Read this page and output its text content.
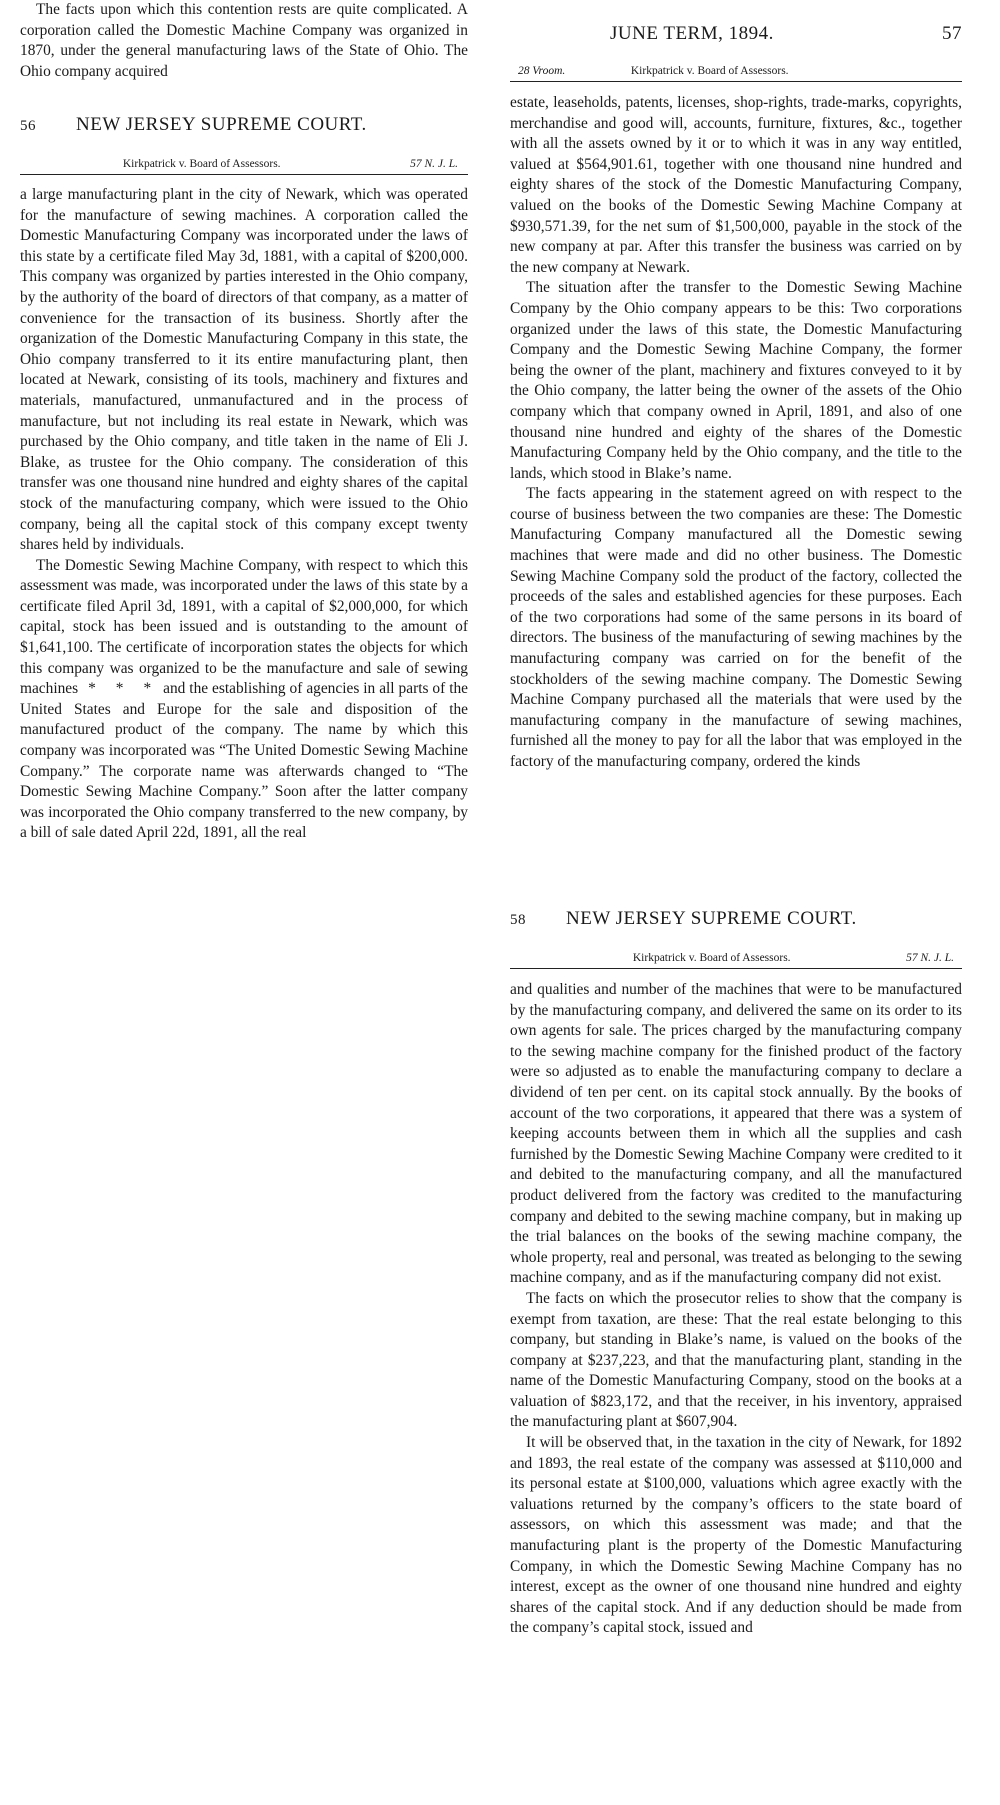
The facts upon which this contention rests are quite complicated. A corporation called the Domestic Machine Company was organized in 1870, under the general manufacturing laws of the State of Ohio. The Ohio company acquired

56 NEW JERSEY SUPREME COURT.
Kirkpatrick v. Board of Assessors.	57 N. J. L.

a large manufacturing plant in the city of Newark, which was operated for the manufacture of sewing machines. A corporation called the Domestic Manufacturing Company was incorporated under the laws of this state by a certificate filed May 3d, 1881, with a capital of $200,000. This company was organized by parties interested in the Ohio company, by the authority of the board of directors of that company, as a matter of convenience for the transaction of its business. Shortly after the organization of the Domestic Manufacturing Company in this state, the Ohio company transferred to it its entire manufacturing plant, then located at Newark, consisting of its tools, machinery and fixtures and materials, manufactured, unmanufactured and in the process of manufacture, but not including its real estate in Newark, which was purchased by the Ohio company, and title taken in the name of Eli J. Blake, as trustee for the Ohio company. The consideration of this transfer was one thousand nine hundred and eighty shares of the capital stock of the manufacturing company, which were issued to the Ohio company, being all the capital stock of this company except twenty shares held by individuals.

The Domestic Sewing Machine Company, with respect to which this assessment was made, was incorporated under the laws of this state by a certificate filed April 3d, 1891, with a capital of $2,000,000, for which capital, stock has been issued and is outstanding to the amount of $1,641,100. The certificate of incorporation states the objects for which this company was organized to be the manufacture and sale of sewing machines * * * and the establishing of agencies in all parts of the United States and Europe for the sale and disposition of the manufactured product of the company. The name by which this company was incorporated was “The United Domestic Sewing Machine Company.” The corporate name was afterwards changed to “The Domestic Sewing Machine Company.” Soon after the latter company was incorporated the Ohio company transferred to the new company, by a bill of sale dated April 22d, 1891, all the real

JUNE TERM, 1894.	57
28 Vroom.	Kirkpatrick v. Board of Assessors.

estate, leaseholds, patents, licenses, shop-rights, trade-marks, copyrights, merchandise and good will, accounts, furniture, fixtures, &c., together with all the assets owned by it or to which it was in any way entitled, valued at $564,901.61, together with one thousand nine hundred and eighty shares of the stock of the Domestic Manufacturing Company, valued on the books of the Domestic Sewing Machine Company at $930,571.39, for the net sum of $1,500,000, payable in the stock of the new company at par. After this transfer the business was carried on by the new company at Newark.

The situation after the transfer to the Domestic Sewing Machine Company by the Ohio company appears to be this: Two corporations organized under the laws of this state, the Domestic Manufacturing Company and the Domestic Sewing Machine Company, the former being the owner of the plant, machinery and fixtures conveyed to it by the Ohio company, the latter being the owner of the assets of the Ohio company which that company owned in April, 1891, and also of one thousand nine hundred and eighty of the shares of the Domestic Manufacturing Company held by the Ohio company, and the title to the lands, which stood in Blake’s name.

The facts appearing in the statement agreed on with respect to the course of business between the two companies are these: The Domestic Manufacturing Company manufactured all the Domestic sewing machines that were made and did no other business. The Domestic Sewing Machine Company sold the product of the factory, collected the proceeds of the sales and established agencies for these purposes. Each of the two corporations had some of the same persons in its board of directors. The business of the manufacturing of sewing machines by the manufacturing company was carried on for the benefit of the stockholders of the sewing machine company. The Domestic Sewing Machine Company purchased all the materials that were used by the manufacturing company in the manufacture of sewing machines, furnished all the money to pay for all the labor that was employed in the factory of the manufacturing company, ordered the kinds

58 NEW JERSEY SUPREME COURT.
Kirkpatrick v. Board of Assessors.	57 N. J. L.

and qualities and number of the machines that were to be manufactured by the manufacturing company, and delivered the same on its order to its own agents for sale. The prices charged by the manufacturing company to the sewing machine company for the finished product of the factory were so adjusted as to enable the manufacturing company to declare a dividend of ten per cent. on its capital stock annually. By the books of account of the two corporations, it appeared that there was a system of keeping accounts between them in which all the supplies and cash furnished by the Domestic Sewing Machine Company were credited to it and debited to the manufacturing company, and all the manufactured product delivered from the factory was credited to the manufacturing company and debited to the sewing machine company, but in making up the trial balances on the books of the sewing machine company, the whole property, real and personal, was treated as belonging to the sewing machine company, and as if the manufacturing company did not exist.

The facts on which the prosecutor relies to show that the company is exempt from taxation, are these: That the real estate belonging to this company, but standing in Blake’s name, is valued on the books of the company at $237,223, and that the manufacturing plant, standing in the name of the Domestic Manufacturing Company, stood on the books at a valuation of $823,172, and that the receiver, in his inventory, appraised the manufacturing plant at $607,904.

It will be observed that, in the taxation in the city of Newark, for 1892 and 1893, the real estate of the company was assessed at $110,000 and its personal estate at $100,000, valuations which agree exactly with the valuations returned by the company’s officers to the state board of assessors, on which this assessment was made; and that the manufacturing plant is the property of the Domestic Manufacturing Company, in which the Domestic Sewing Machine Company has no interest, except as the owner of one thousand nine hundred and eighty shares of the capital stock. And if any deduction should be made from the company’s capital stock, issued and
